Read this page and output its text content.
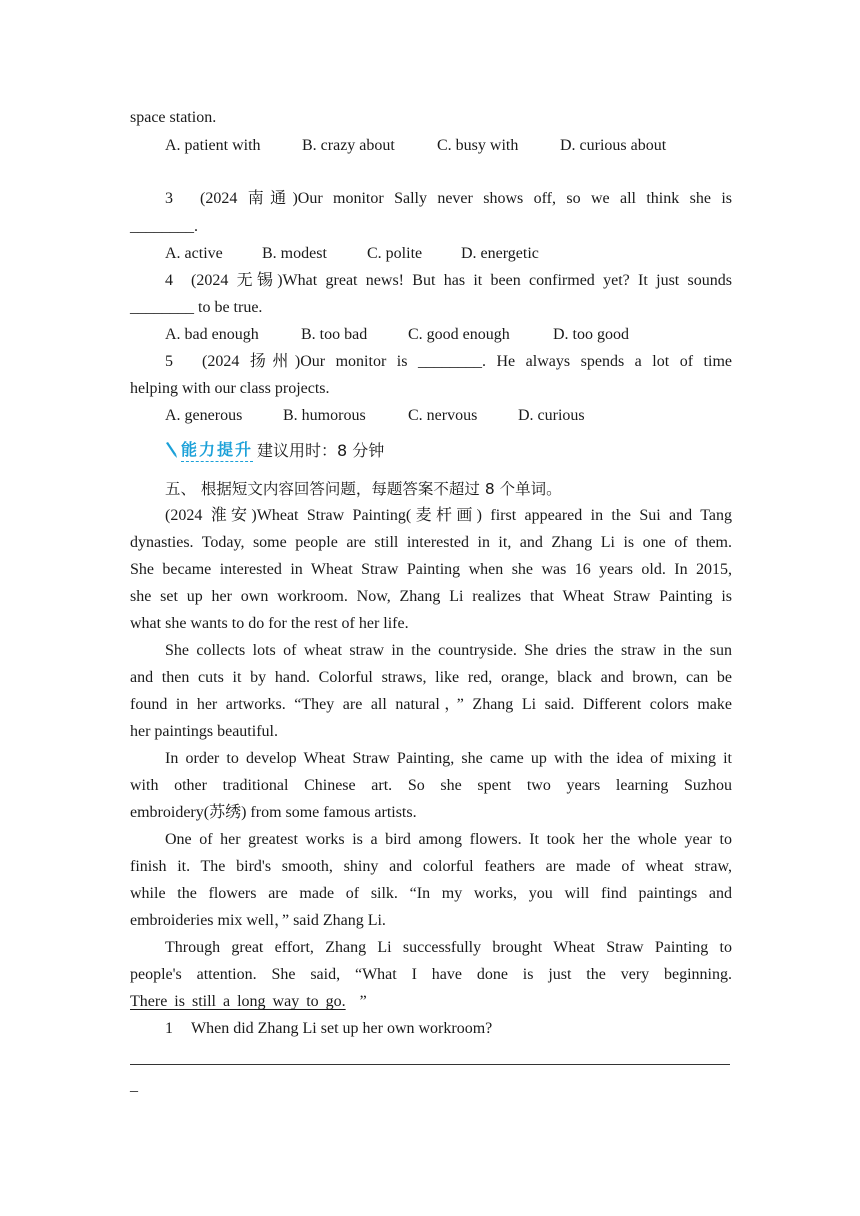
space station.
A. patient with	B. crazy about	C. busy with	D. curious about
3 (2024 南通)Our monitor Sally never shows off, so we all think she is
________.
A. active B. modest	C. polite D. energetic
4 (2024 无锡)What great news! But has it been confirmed yet? It just sounds
________ to be true.
A. bad enough	B. too bad	C. good enough	D. too good
5 (2024 扬州)Our monitor is ________. He always spends a lot of time
helping with our class projects.
A. generous	B. humorous	C. nervous	D. curious
能力提升 建议用时：8 分钟
五、 根据短文内容回答问题，每题答案不超过 8 个单词。
(2024 淮安)Wheat Straw Painting(麦杆画) first appeared in the Sui and Tang
dynasties. Today, some people are still interested in it, and Zhang Li is one of them.
She became interested in Wheat Straw Painting when she was 16 years old. In 2015,
she set up her own workroom. Now, Zhang Li realizes that Wheat Straw Painting is
what she wants to do for the rest of her life.
She collects lots of wheat straw in the countryside. She dries the straw in the sun
and then cuts it by hand. Colorful straws, like red, orange, black and brown, can be
found in her artworks. “They are all natural，” Zhang Li said. Different colors make
her paintings beautiful.
In order to develop Wheat Straw Painting, she came up with the idea of mixing it
with other traditional Chinese art. So she spent two years learning Suzhou
embroidery(苏绣) from some famous artists.
One of her greatest works is a bird among flowers. It took her the whole year to
finish it. The bird's smooth, shiny and colorful feathers are made of wheat straw,
while the flowers are made of silk. “In my works, you will find paintings and
embroideries mix well，” said Zhang Li.
Through great effort, Zhang Li successfully brought Wheat Straw Painting to
people's attention. She said, “What I have done is just the very beginning.
There is still a long way to go. ”
1 When did Zhang Li set up her own workroom?
_
